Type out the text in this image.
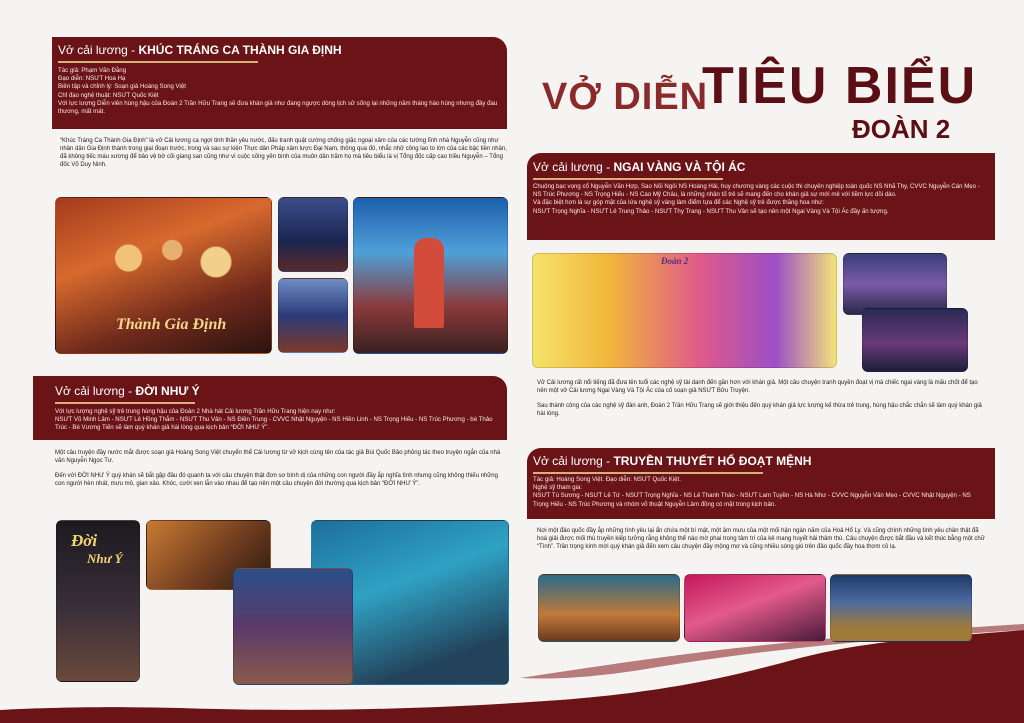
VỞ DIỄN
TIÊU BIỂU
ĐOÀN 2
Vở cải lương - KHÚC TRÁNG CA THÀNH GIA ĐỊNH
Tác giả: Phạm Văn Đằng
Đạo diễn: NSƯT Hoa Hạ
Biên tập và chỉnh lý: Soạn giả Hoàng Song Việt
Chỉ đạo nghệ thuật: NSƯT Quốc Kiệt
Với lực lượng Diễn viên hùng hậu của Đoàn 2 Trần Hữu Trang sẽ đưa khán giả như đang ngược dòng lịch sử sống lại những năm tháng hào hùng nhưng đầy đau thương, mất mát.

“Khúc Tráng Ca Thành Gia Định” là vở Cải lương ca ngợi tinh thần yêu nước, đấu tranh quật cường chống giặc ngoại xâm của các tướng lĩnh nhà Nguyễn cũng như nhân dân Gia Định thành trong giai đoạn trước, trong và sau sự kiện Thực dân Pháp xâm lược Đại Nam, thông qua đó, nhắc nhở công lao to lớn của các bậc tiền nhân, đã không tiếc máu xương để bảo vệ bờ cõi giang san cũng như vì cuộc sống yên bình của muôn dân trăm họ mà tiêu biểu là vị Tổng đốc cấp cao triều Nguyễn – Tổng đốc Võ Duy Ninh.

Thành Gia Định
Vở cải lương - ĐỜI NHƯ Ý
Với lực lượng nghệ sỹ trẻ trung hùng hậu của Đoàn 2 Nhà hát Cải lương Trần Hữu Trang hiện nay như:
NSƯT Võ Minh Lâm - NSƯT Lê Hồng Thắm - NSƯT Thu Vân - NS Điền Trung - CVVC Nhật Nguyện - NS Hiền Linh - NS Trọng Hiếu - NS Trúc Phương - bé Thảo Trúc - Bé Vương Tiến sẽ làm quý khán giả hài lòng qua kịch bản “ĐỜI NHƯ Ý”.

Một câu truyện đầy nước mắt được soạn giả Hoàng Song Việt chuyển thể Cải lương từ vở kịch cùng tên của tác giả Bùi Quốc Bảo phỏng tác theo truyện ngắn của nhà văn Nguyễn Ngọc Tư.

Đến với ĐỜI NHƯ Ý quý khán sẽ bắt gặp đâu đó quanh ta với câu chuyện thật đơn sơ bình dị của những con người đầy ắp nghĩa tình nhưng cũng không thiếu những con người hèn nhát, mưu mô, gian xảo. Khóc, cười xen lẫn vào nhau để tạo nên một câu chuyện đời thường qua kịch bản “ĐỜI NHƯ Ý”.

Đời
Như Ý
Vở cải lương - NGAI VÀNG VÀ TỘI ÁC
Chuông bạc vọng cổ Nguyễn Văn Hợp, Sao Nối Ngôi NS Hoàng Hải, huy chương vàng các cuộc thi chuyên nghiệp toàn quốc NS Nhã Thy, CVVC Nguyễn Cán Mẹo - NS Trúc Phương - NS Trọng Hiếu - NS Cao Mỹ Châu, là những nhân tố trẻ sẽ mang đến cho khán giả sự mới mẻ với tiềm lực dồi dào.
Và đặc biệt hơn là sự góp mặt của lứa nghệ sỹ vàng làm điểm tựa để các Nghệ sỹ trẻ được thăng hoa như:
NSƯT Trọng Nghĩa - NSƯT Lê Trung Thảo - NSƯT Thy Trang - NSƯT Thu Vân sẽ tạo nên một Ngai Vàng Và Tội Ác đầy ấn tượng.
Đoàn 2

Vở Cải lương rất nổi tiếng đã đưa tên tuổi các nghệ sỹ tài danh đến gần hơn với khán giả. Một câu chuyện tranh quyền đoạt vị mà chiếc ngai vàng là mấu chốt để tạo nên một vở Cải lương Ngai Vàng Và Tội Ác của cố soạn giả NSƯT Bửu Truyện.

Sau thành công của các nghệ sỹ đàn anh, Đoàn 2 Trần Hữu Trang sẽ giới thiệu đến quý khán giả lực lượng kế thừa trẻ trung, hùng hậu chắc chắn sẽ làm quý khán giả hài lòng.

Vở cải lương - TRUYỀN THUYẾT HỔ ĐOẠT MỆNH
Tác giả: Hoàng Song Việt. Đạo diễn: NSƯT Quốc Kiệt.
Nghệ sỹ tham gia:
NSƯT Tú Sương - NSƯT Lê Tứ - NSƯT Trọng Nghĩa - NS Lê Thanh Thảo - NSƯT Lam Tuyền - NS Hà Như - CVVC Nguyễn Văn Mẹo - CVVC Nhật Nguyện - NS Trọng Hiếu - NS Trúc Phương và nhóm võ thuật Nguyễn Lâm đồng có mặt trong kịch bản.

Nơi một đảo quốc đầy ắp những tình yêu lại ẩn chứa một bí mật, một âm mưu của một mối hận ngàn năm của Hoả Hổ Ly. Và cũng chính những tình yêu chân thật đã hoá giải được mối thù truyền kiếp tưởng rằng không thể nào mờ phai trong tâm trí của kẻ mang huyết hải thâm thù. Câu chuyện được bắt đầu và kết thúc bằng một chữ “Tình”. Trần trọng kính mời quý khán giả đến xem câu chuyện đầy mộng mơ và cũng nhiều sóng gió trên đảo quốc đầy hoa thơm cỏ lạ.
